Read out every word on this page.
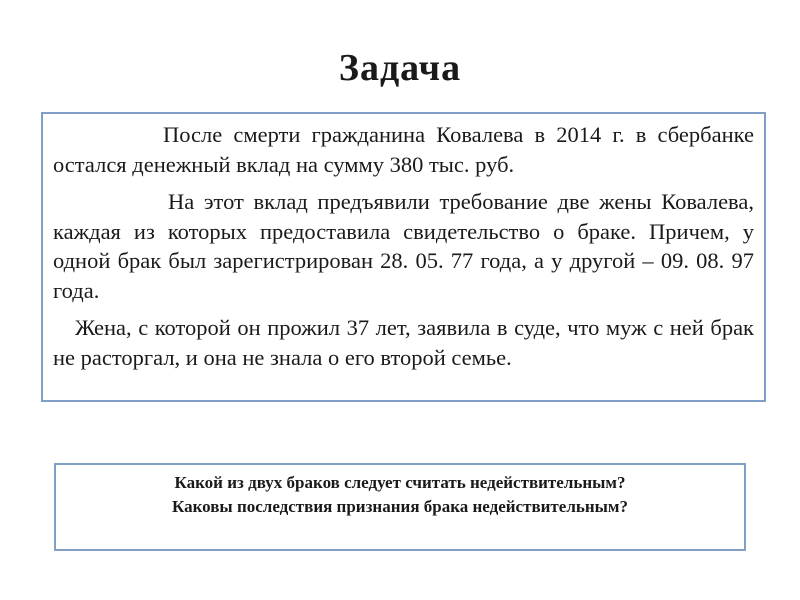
Задача

После смерти гражданина Ковалева в 2014 г. в сбербанке остался денежный вклад на сумму 380 тыс. руб.

На этот вклад предъявили требование две жены Ковалева, каждая из которых предоставила свидетельство о браке. Причем, у одной брак был зарегистрирован 28. 05. 77 года, а у другой – 09. 08. 97 года.

Жена, с которой он прожил 37 лет, заявила в суде, что муж с ней брак не расторгал, и она не знала о его второй семье.

Какой из двух браков следует считать недействительным?
Каковы последствия признания брака недействительным?
